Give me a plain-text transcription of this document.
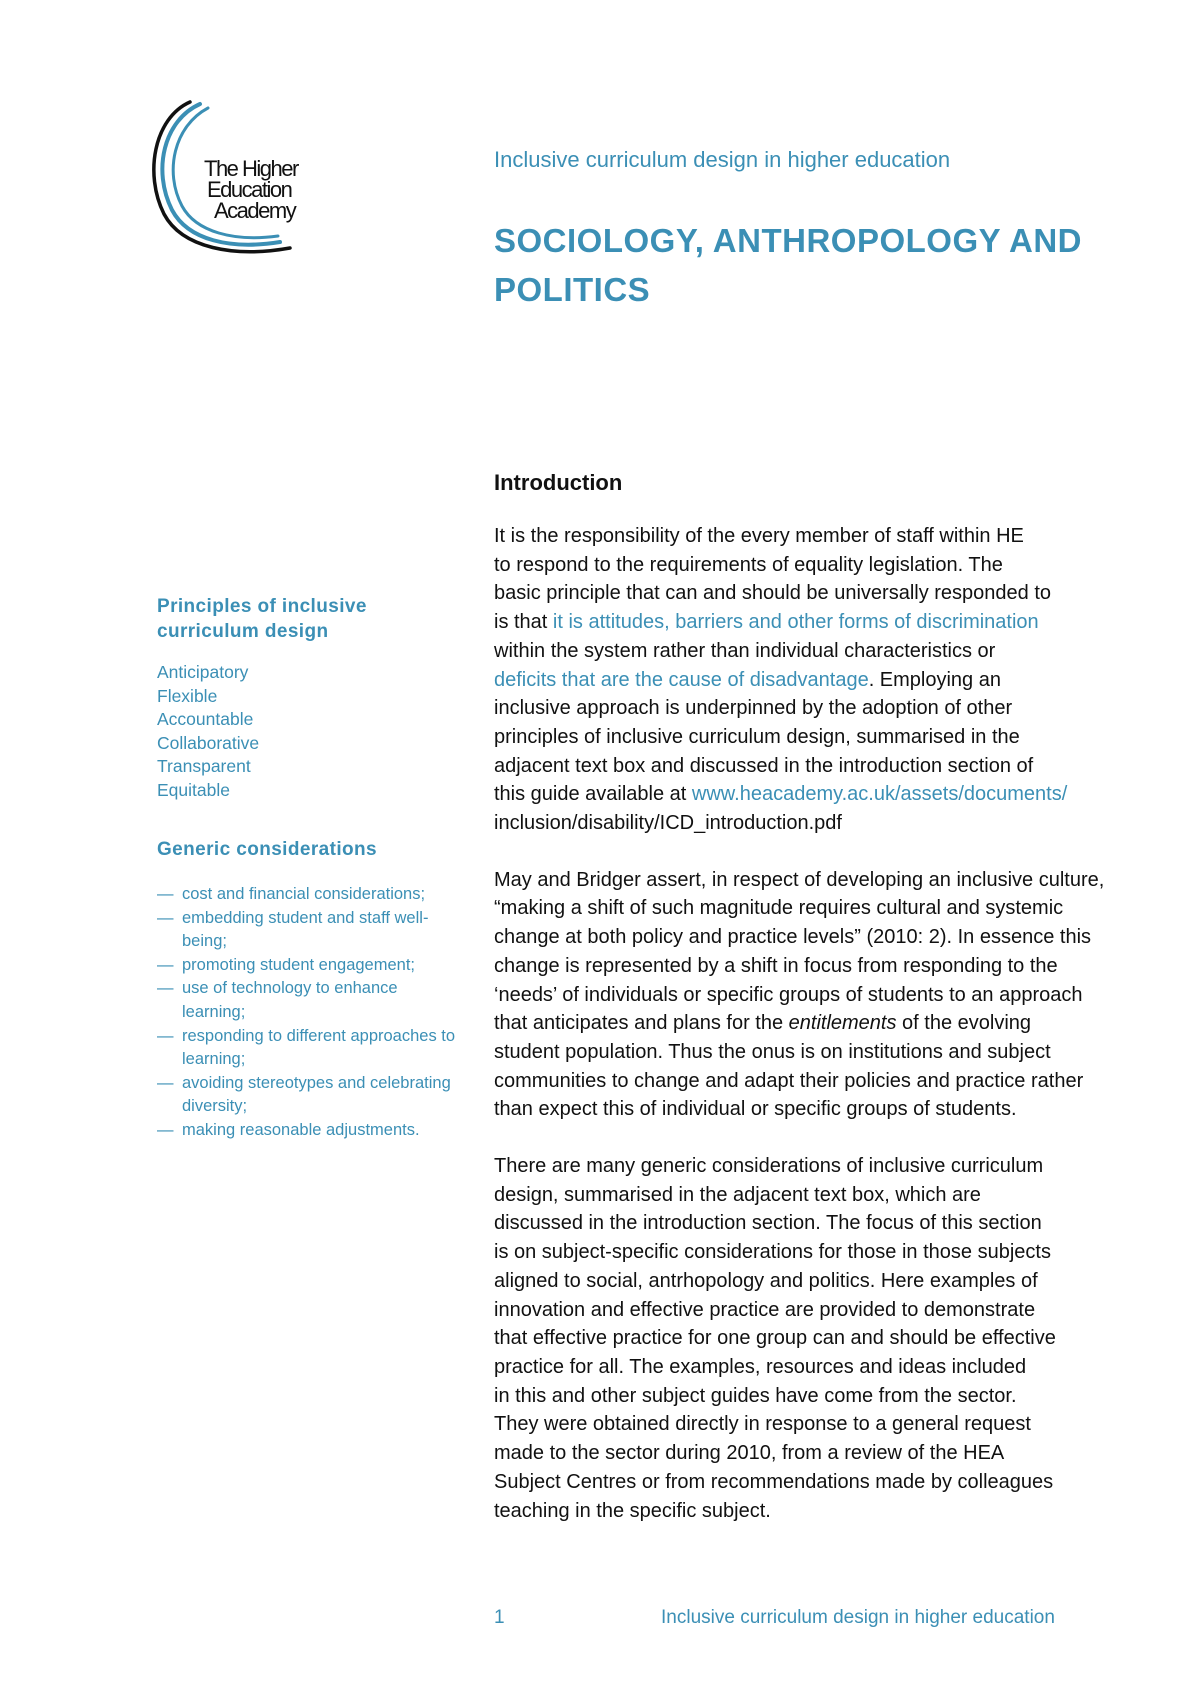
The Higher
Education
Academy
Inclusive curriculum design in higher education
SOCIOLOGY, ANTHROPOLOGY AND POLITICS
Principles of inclusive curriculum design
Anticipatory
Flexible
Accountable
Collaborative
Transparent
Equitable
Generic considerations
— cost and financial considerations;
— embedding student and staff well-being;
— promoting student engagement;
— use of technology to enhance learning;
— responding to different approaches to learning;
— avoiding stereotypes and celebrating diversity;
— making reasonable adjustments.
Introduction

It is the responsibility of the every member of staff within HE

to respond to the requirements of equality legislation. The

basic principle that can and should be universally responded to

is that it is attitudes, barriers and other forms of discrimination

within the system rather than individual characteristics or

deficits that are the cause of disadvantage. Employing an

inclusive approach is underpinned by the adoption of other

principles of inclusive curriculum design, summarised in the

adjacent text box and discussed in the introduction section of

this guide available at www.heacademy.ac.uk/assets/documents/

inclusion/disability/ICD_introduction.pdf

May and Bridger assert, in respect of developing an inclusive culture,

“making a shift of such magnitude requires cultural and systemic

change at both policy and practice levels” (2010: 2). In essence this

change is represented by a shift in focus from responding to the

‘needs’ of individuals or specific groups of students to an approach

that anticipates and plans for the entitlements of the evolving

student population. Thus the onus is on institutions and subject

communities to change and adapt their policies and practice rather

than expect this of individual or specific groups of students.

There are many generic considerations of inclusive curriculum

design, summarised in the adjacent text box, which are

discussed in the introduction section. The focus of this section

is on subject-specific considerations for those in those subjects

aligned to social, antrhopology and politics. Here examples of

innovation and effective practice are provided to demonstrate

that effective practice for one group can and should be effective

practice for all. The examples, resources and ideas included

in this and other subject guides have come from the sector.

They were obtained directly in response to a general request

made to the sector during 2010, from a review of the HEA

Subject Centres or from recommendations made by colleagues

teaching in the specific subject.

1	Inclusive curriculum design in higher education
